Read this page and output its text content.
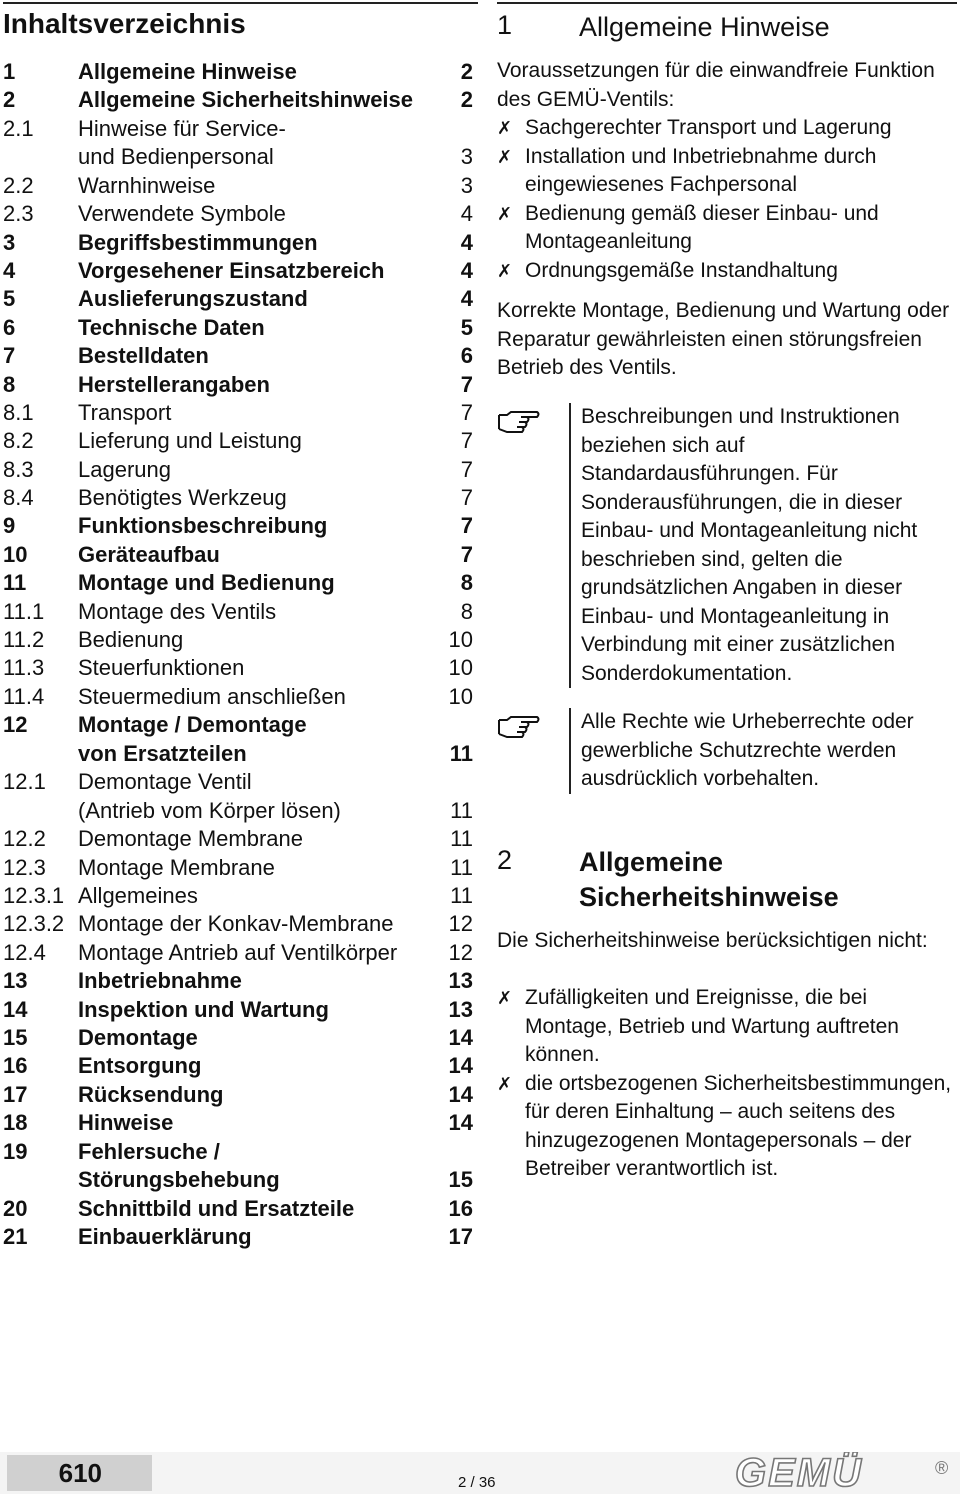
Inhaltsverzeichnis
1	Allgemeine Hinweise	2
2	Allgemeine Sicherheitshinweise	2
2.1	Hinweise für Service-
und Bedienpersonal	3
2.2	Warnhinweise	3
2.3	Verwendete Symbole	4
3	Begriffsbestimmungen	4
4	Vorgesehener Einsatzbereich	4
5	Auslieferungszustand	4
6	Technische Daten	5
7	Bestelldaten	6
8	Herstellerangaben	7
8.1	Transport	7
8.2	Lieferung und Leistung	7
8.3	Lagerung	7
8.4	Benötigtes Werkzeug	7
9	Funktionsbeschreibung	7
10	Geräteaufbau	7
11	Montage und Bedienung	8
11.1	Montage des Ventils	8
11.2	Bedienung	10
11.3	Steuerfunktionen	10
11.4	Steuermedium anschließen	10
12	Montage / Demontage
von Ersatzteilen	11
12.1	Demontage Ventil
(Antrieb vom Körper lösen)	11
12.2	Demontage Membrane	11
12.3	Montage Membrane	11
12.3.1 Allgemeines	11
12.3.2 Montage der Konkav-Membrane	12
12.4	Montage Antrieb auf Ventilkörper	12
13	Inbetriebnahme	13
14	Inspektion und Wartung	13
15	Demontage	14
16	Entsorgung	14
17	Rücksendung	14
18	Hinweise	14
19	Fehlersuche /
Störungsbehebung	15
20	Schnittbild und Ersatzteile	16
21	Einbauerklärung	17
1	Allgemeine Hinweise

Voraussetzungen für die einwandfreie Funktion des GEMÜ-Ventils:

✗ Sachgerechter Transport und Lagerung
✗ Installation und Inbetriebnahme durch eingewiesenes Fachpersonal
✗ Bedienung gemäß dieser Einbau- und Montageanleitung
✗ Ordnungsgemäße Instandhaltung

Korrekte Montage, Bedienung und Wartung oder Reparatur gewährleisten einen störungsfreien Betrieb des Ventils.

Beschreibungen und Instruktionen beziehen sich auf Standardausführungen. Für Sonderausführungen, die in dieser Einbau- und Montageanleitung nicht beschrieben sind, gelten die grundsätzlichen Angaben in dieser Einbau- und Montageanleitung in Verbindung mit einer zusätzlichen Sonderdokumentation.
Alle Rechte wie Urheberrechte oder gewerbliche Schutzrechte werden ausdrücklich vorbehalten.
2	Allgemeine
Sicherheitshinweise

Die Sicherheitshinweise berücksichtigen nicht:

✗ Zufälligkeiten und Ereignisse, die bei Montage, Betrieb und Wartung auftreten können.
✗ die ortsbezogenen Sicherheitsbestimmungen, für deren Einhaltung – auch seitens des hinzugezogenen Montagepersonals – der Betreiber verantwortlich ist.
610	2 / 36	GEMÜ	®
